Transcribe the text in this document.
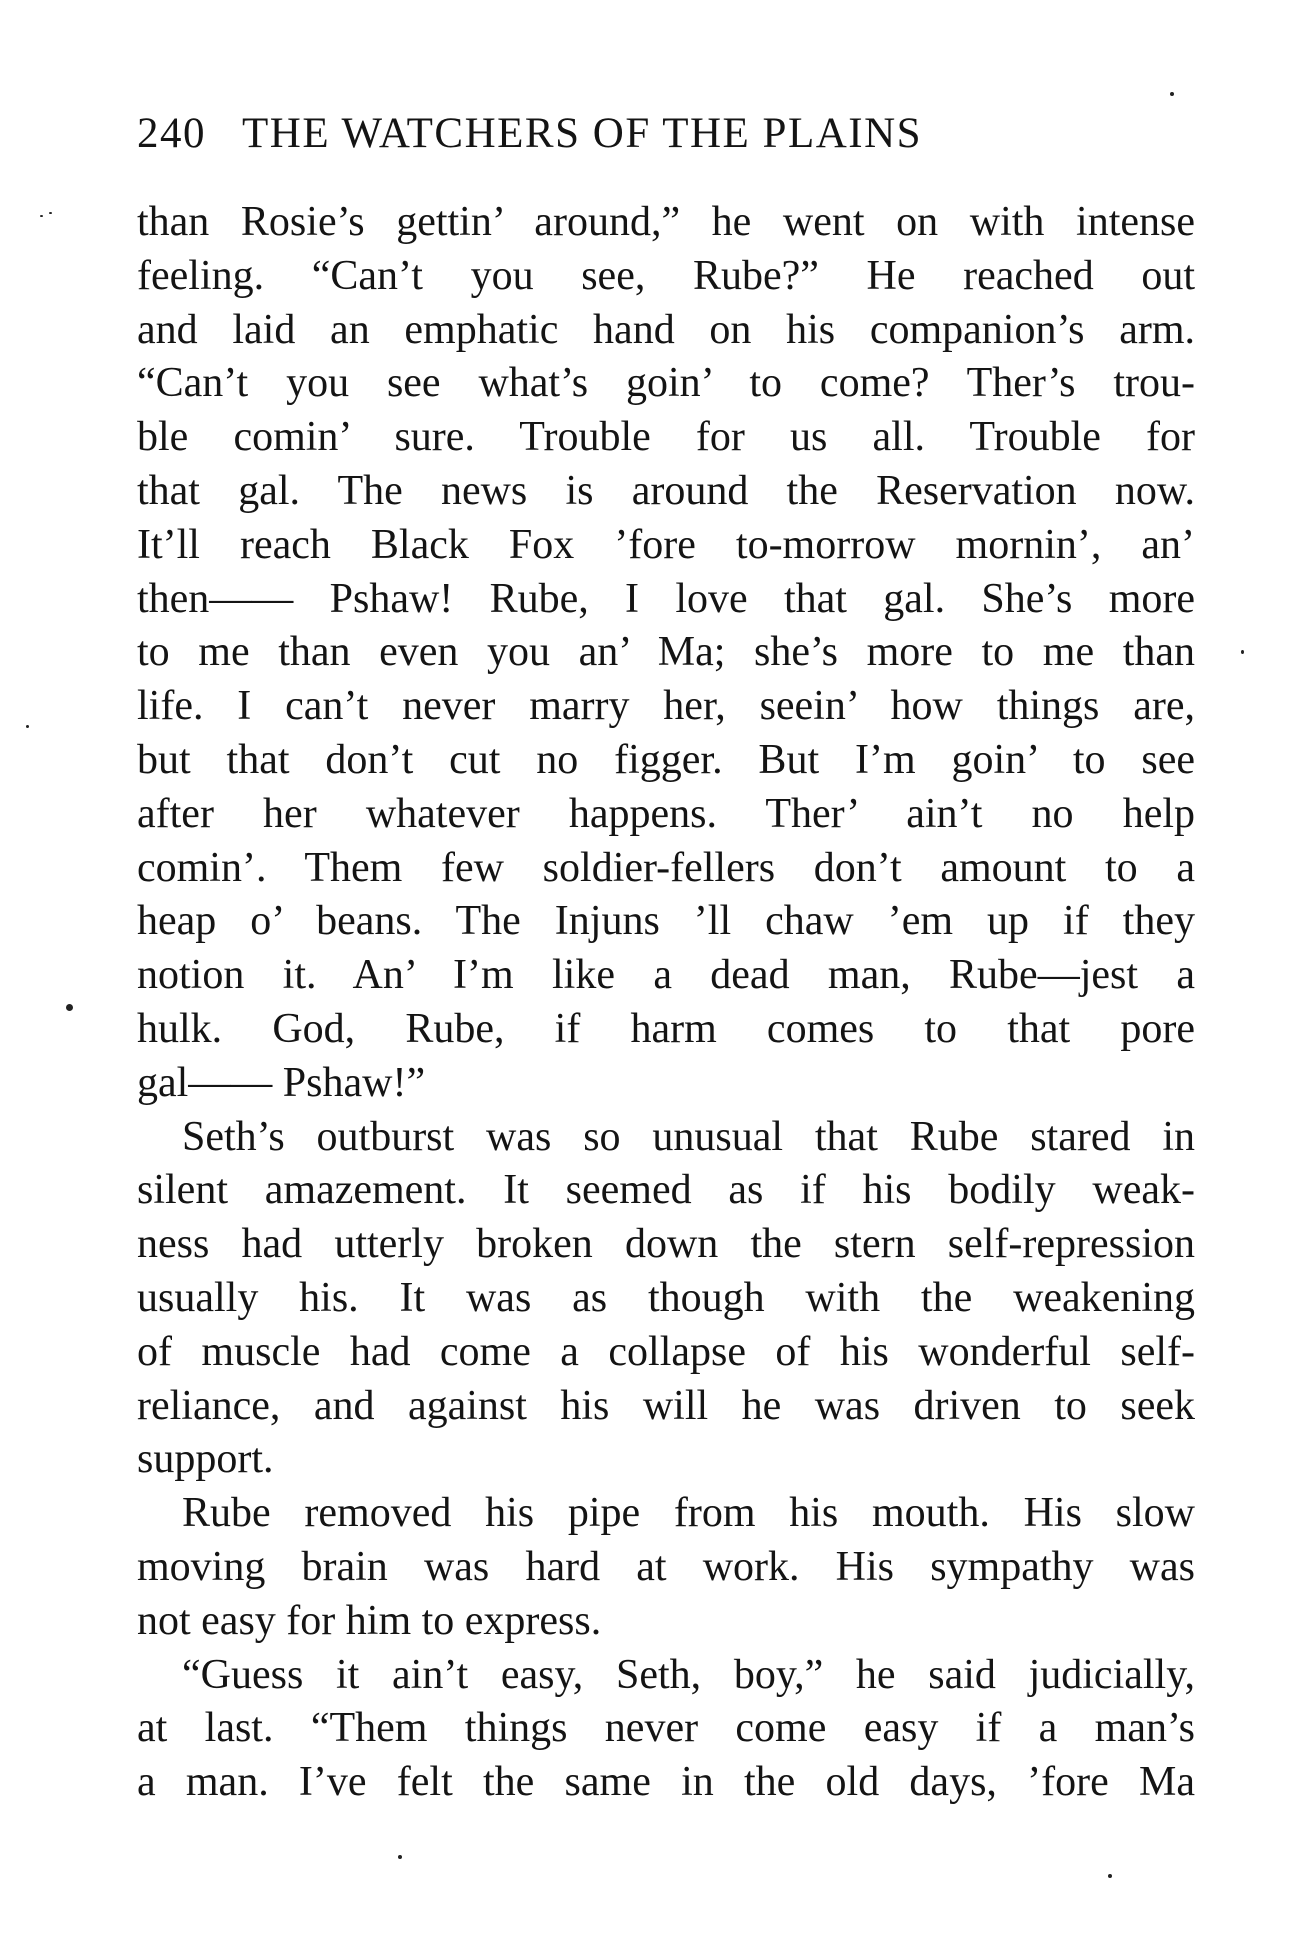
240 THE WATCHERS OF THE PLAINS
than Rosie’s gettin’ around,” he went on with intense
feeling. “Can’t you see, Rube?” He reached out
and laid an emphatic hand on his companion’s arm.
“Can’t you see what’s goin’ to come? Ther’s trou-
ble comin’ sure. Trouble for us all. Trouble for
that gal. The news is around the Reservation now.
It’ll reach Black Fox ’fore to-morrow mornin’, an’
then—— Pshaw! Rube, I love that gal. She’s more
to me than even you an’ Ma; she’s more to me than
life. I can’t never marry her, seein’ how things are,
but that don’t cut no figger. But I’m goin’ to see
after her whatever happens. Ther’ ain’t no help
comin’. Them few soldier-fellers don’t amount to a
heap o’ beans. The Injuns ’ll chaw ’em up if they
notion it. An’ I’m like a dead man, Rube—jest a
hulk. God, Rube, if harm comes to that pore
gal—— Pshaw!”
Seth’s outburst was so unusual that Rube stared in
silent amazement. It seemed as if his bodily weak-
ness had utterly broken down the stern self-repression
usually his. It was as though with the weakening
of muscle had come a collapse of his wonderful self-
reliance, and against his will he was driven to seek
support.
Rube removed his pipe from his mouth. His slow
moving brain was hard at work. His sympathy was
not easy for him to express.
“Guess it ain’t easy, Seth, boy,” he said judicially,
at last. “Them things never come easy if a man’s
a man. I’ve felt the same in the old days, ’fore Ma
